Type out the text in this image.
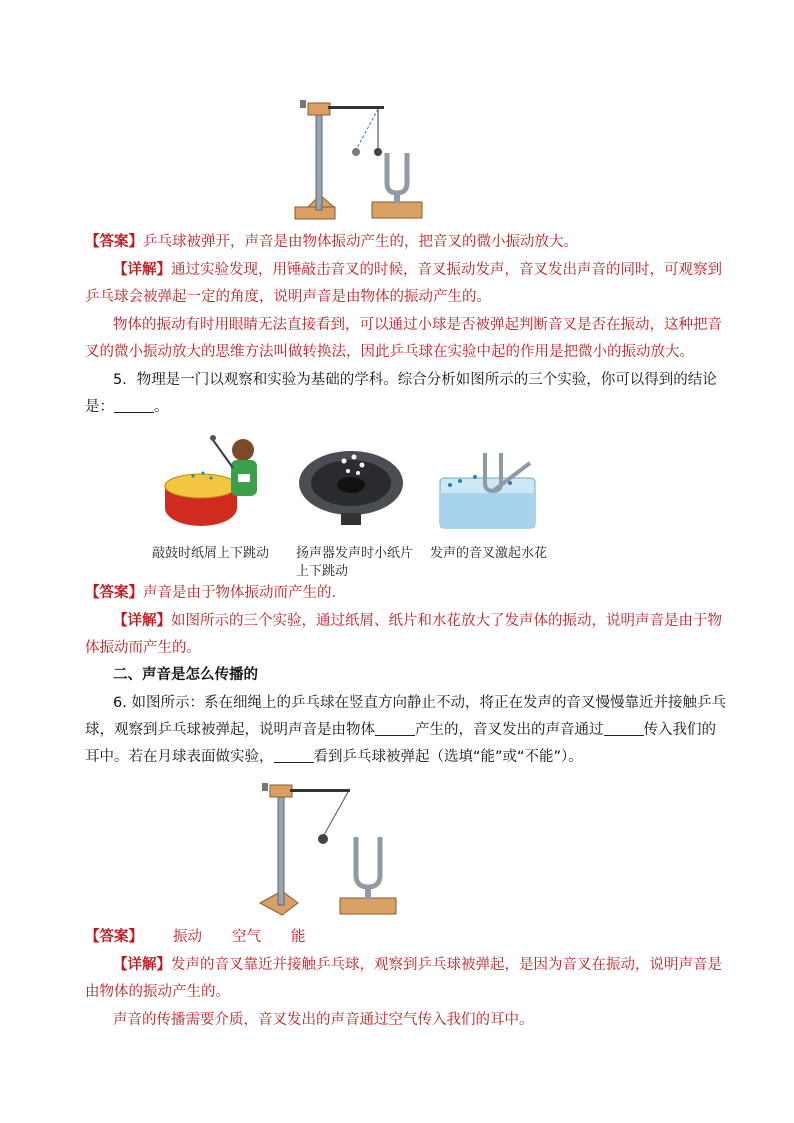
【答案】乒乓球被弹开，声音是由物体振动产生的，把音叉的微小振动放大。
【详解】通过实验发现，用锤敲击音叉的时候，音叉振动发声，音叉发出声音的同时，可观察到
乒乓球会被弹起一定的角度，说明声音是由物体的振动产生的。
物体的振动有时用眼睛无法直接看到，可以通过小球是否被弹起判断音叉是否在振动，这种把音
叉的微小振动放大的思维方法叫做转换法，因此乒乓球在实验中起的作用是把微小的振动放大。
5．物理是一门以观察和实验为基础的学科。综合分析如图所示的三个实验，你可以得到的结论
是：	。
敲鼓时纸屑上下跳动 扬声器发声时小纸片
上下跳动
发声的音叉激起水花
【答案】声音是由于物体振动而产生的.
【详解】如图所示的三个实验，通过纸屑、纸片和水花放大了发声体的振动，说明声音是由于物
体振动而产生的。
二、声音是怎么传播的
6. 如图所示：系在细绳上的乒乓球在竖直方向静止不动，将正在发声的音叉慢慢靠近并接触乒乓
球，观察到乒乓球被弹起，说明声音是由物体	产生的，音叉发出的声音通过	传入我们的
耳中。若在月球表面做实验，	看到乒乓球被弹起（选填“能”或“不能”）。
【答案】 振动 空气 能
【详解】发声的音叉靠近并接触乒乓球，观察到乒乓球被弹起，是因为音叉在振动，说明声音是
由物体的振动产生的。
声音的传播需要介质，音叉发出的声音通过空气传入我们的耳中。
